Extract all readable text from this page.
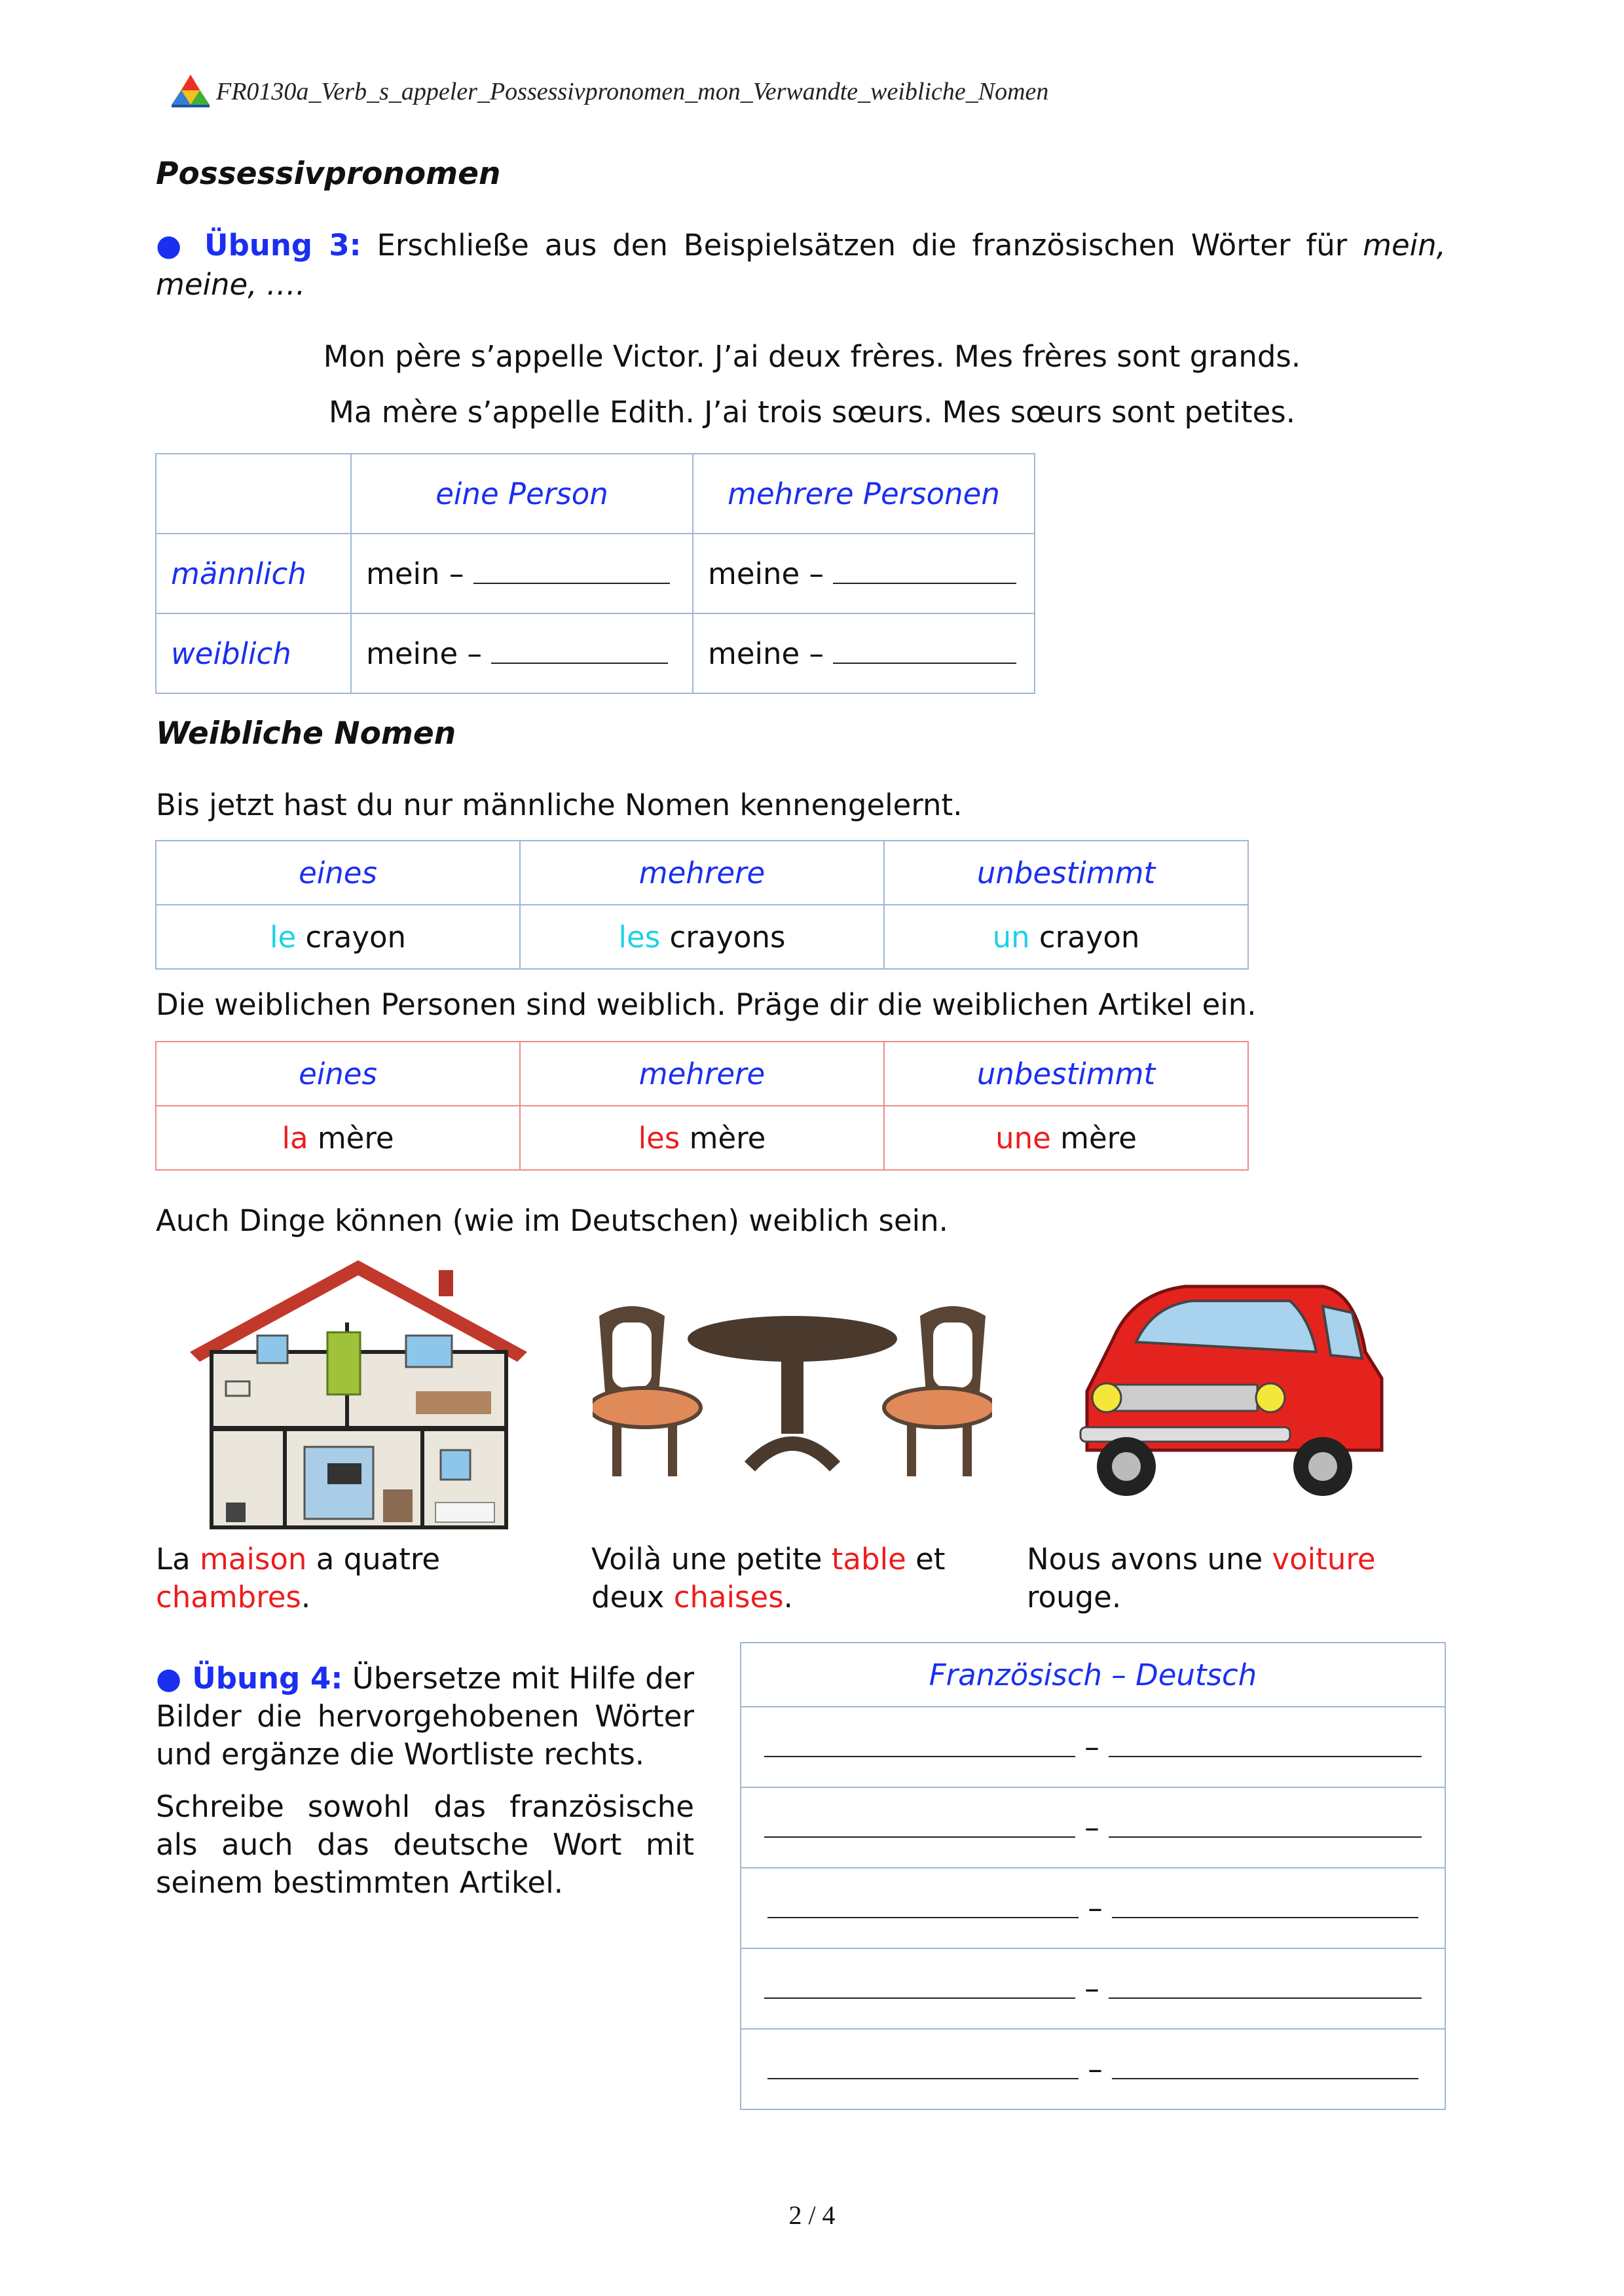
FR0130a_Verb_s_appeler_Possessivpronomen_mon_Verwandte_weibliche_Nomen
Possessivpronomen
● Übung 3: Erschließe aus den Beispielsätzen die französischen Wörter für mein,
meine, ….
Mon père s’appelle Victor. J’ai deux frères. Mes frères sont grands.
Ma mère s’appelle Edith. J’ai trois sœurs. Mes sœurs sont petites.
	eine Person	mehrere Personen
männlich	mein –	meine –
weiblich	meine –	meine –
Weibliche Nomen
Bis jetzt hast du nur männliche Nomen kennengelernt.
eines	mehrere	unbestimmt
le crayon	les crayons	un crayon
Die weiblichen Personen sind weiblich. Präge dir die weiblichen Artikel ein.
eines	mehrere	unbestimmt
la mère	les mère	une mère
Auch Dinge können (wie im Deutschen) weiblich sein.
La maison a quatre
chambres.
Voilà une petite table et
deux chaises.
Nous avons une voiture
rouge.
● Übung 4: Übersetze mit Hilfe der Bilder die hervorgehobenen Wörter und ergänze die Wortliste rechts.
Schreibe sowohl das französische als auch das deutsche Wort mit seinem bestimmten Artikel.
Französisch – Deutsch
–
–
–
–
–
2 / 4
